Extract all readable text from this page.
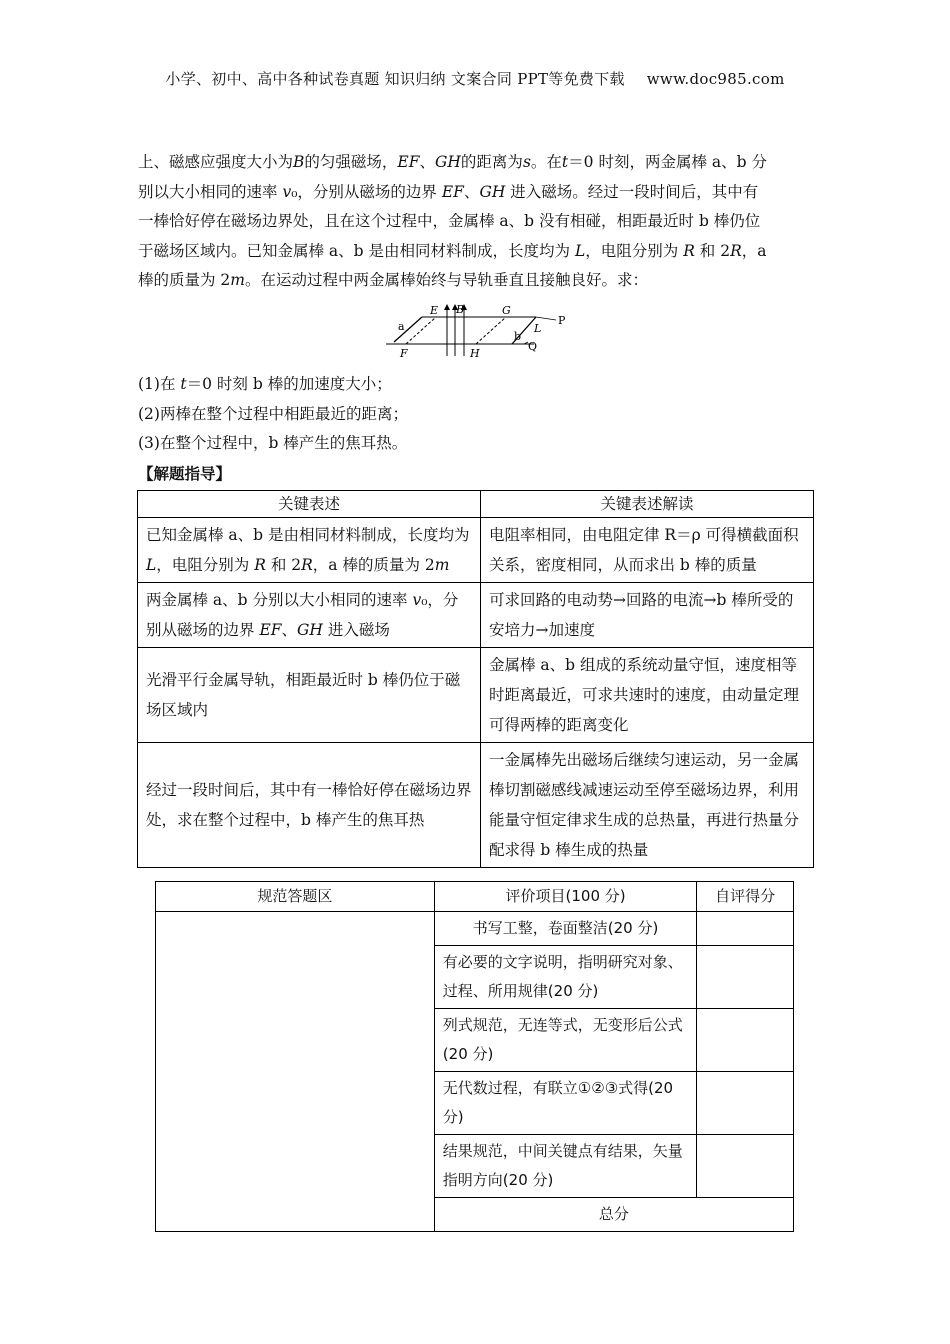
小学、初中、高中各种试卷真题 知识归纳 文案合同 PPT等免费下载 www.doc985.com

上、磁感应强度大小为B的匀强磁场，EF、GH的距离为s。在t＝0 时刻，两金属棒 a、b 分

别以大小相同的速率 v₀，分别从磁场的边界 EF、GH 进入磁场。经过一段时间后，其中有

一棒恰好停在磁场边界处，且在这个过程中，金属棒 a、b 没有相碰，相距最近时 b 棒仍位

于磁场区域内。已知金属棒 a、b 是由相同材料制成，长度均为 L，电阻分别为 R 和 2R，a

棒的质量为 2m。在运动过程中两金属棒始终与导轨垂直且接触良好。求：

a
E B	G
L
P
F	H
b
Q
(1)在 t＝0 时刻 b 棒的加速度大小；
(2)两棒在整个过程中相距最近的距离；
(3)在整个过程中，b 棒产生的焦耳热。
【解题指导】
关键表述	关键表述解读
已知金属棒 a、b 是由相同材料制成，长度均为 L，电阻分别为 R 和 2R，a 棒的质量为 2m	电阻率相同，由电阻定律 R＝ρ 可得横截面积关系，密度相同，从而求出 b 棒的质量
两金属棒 a、b 分别以大小相同的速率 v₀，分别从磁场的边界 EF、GH 进入磁场	可求回路的电动势→回路的电流→b 棒所受的安培力→加速度
光滑平行金属导轨，相距最近时 b 棒仍位于磁场区域内	金属棒 a、b 组成的系统动量守恒，速度相等时距离最近，可求共速时的速度，由动量定理可得两棒的距离变化
经过一段时间后，其中有一棒恰好停在磁场边界处，求在整个过程中，b 棒产生的焦耳热	一金属棒先出磁场后继续匀速运动，另一金属棒切割磁感线减速运动至停至磁场边界，利用能量守恒定律求生成的总热量，再进行热量分配求得 b 棒生成的热量
规范答题区	评价项目(100 分)	自评得分
	书写工整，卷面整洁(20 分)	
	有必要的文字说明，指明研究对象、过程、所用规律(20 分)	
	列式规范，无连等式，无变形后公式(20 分)	
	无代数过程，有联立①②③式得(20 分)	
	结果规范，中间关键点有结果，矢量指明方向(20 分)	
	总分	
